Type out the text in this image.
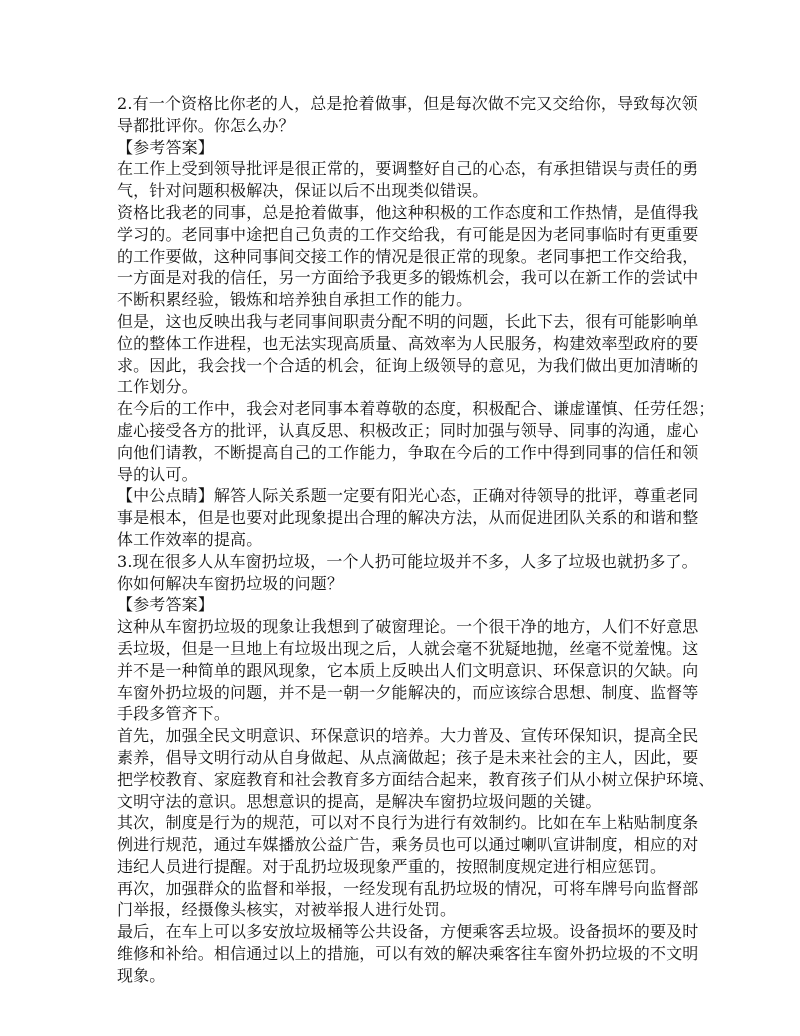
2.有一个资格比你老的人，总是抢着做事，但是每次做不完又交给你，导致每次领
导都批评你。你怎么办？
【参考答案】
在工作上受到领导批评是很正常的，要调整好自己的心态，有承担错误与责任的勇
气，针对问题积极解决，保证以后不出现类似错误。
资格比我老的同事，总是抢着做事，他这种积极的工作态度和工作热情，是值得我
学习的。老同事中途把自己负责的工作交给我，有可能是因为老同事临时有更重要
的工作要做，这种同事间交接工作的情况是很正常的现象。老同事把工作交给我，
一方面是对我的信任，另一方面给予我更多的锻炼机会，我可以在新工作的尝试中
不断积累经验，锻炼和培养独自承担工作的能力。
但是，这也反映出我与老同事间职责分配不明的问题，长此下去，很有可能影响单
位的整体工作进程，也无法实现高质量、高效率为人民服务，构建效率型政府的要
求。因此，我会找一个合适的机会，征询上级领导的意见，为我们做出更加清晰的
工作划分。
在今后的工作中，我会对老同事本着尊敬的态度，积极配合、谦虚谨慎、任劳任怨；
虚心接受各方的批评，认真反思、积极改正；同时加强与领导、同事的沟通，虚心
向他们请教，不断提高自己的工作能力，争取在今后的工作中得到同事的信任和领
导的认可。
【中公点睛】解答人际关系题一定要有阳光心态，正确对待领导的批评，尊重老同
事是根本，但是也要对此现象提出合理的解决方法，从而促进团队关系的和谐和整
体工作效率的提高。
3.现在很多人从车窗扔垃圾，一个人扔可能垃圾并不多，人多了垃圾也就扔多了。
你如何解决车窗扔垃圾的问题？
【参考答案】
这种从车窗扔垃圾的现象让我想到了破窗理论。一个很干净的地方，人们不好意思
丢垃圾，但是一旦地上有垃圾出现之后，人就会毫不犹疑地抛，丝毫不觉羞愧。这
并不是一种简单的跟风现象，它本质上反映出人们文明意识、环保意识的欠缺。向
车窗外扔垃圾的问题，并不是一朝一夕能解决的，而应该综合思想、制度、监督等
手段多管齐下。
首先，加强全民文明意识、环保意识的培养。大力普及、宣传环保知识，提高全民
素养，倡导文明行动从自身做起、从点滴做起；孩子是未来社会的主人，因此，要
把学校教育、家庭教育和社会教育多方面结合起来，教育孩子们从小树立保护环境、
文明守法的意识。思想意识的提高，是解决车窗扔垃圾问题的关键。
其次，制度是行为的规范，可以对不良行为进行有效制约。比如在车上粘贴制度条
例进行规范，通过车媒播放公益广告，乘务员也可以通过喇叭宣讲制度，相应的对
违纪人员进行提醒。对于乱扔垃圾现象严重的，按照制度规定进行相应惩罚。
再次，加强群众的监督和举报，一经发现有乱扔垃圾的情况，可将车牌号向监督部
门举报，经摄像头核实，对被举报人进行处罚。
最后，在车上可以多安放垃圾桶等公共设备，方便乘客丢垃圾。设备损坏的要及时
维修和补给。相信通过以上的措施，可以有效的解决乘客往车窗外扔垃圾的不文明
现象。
